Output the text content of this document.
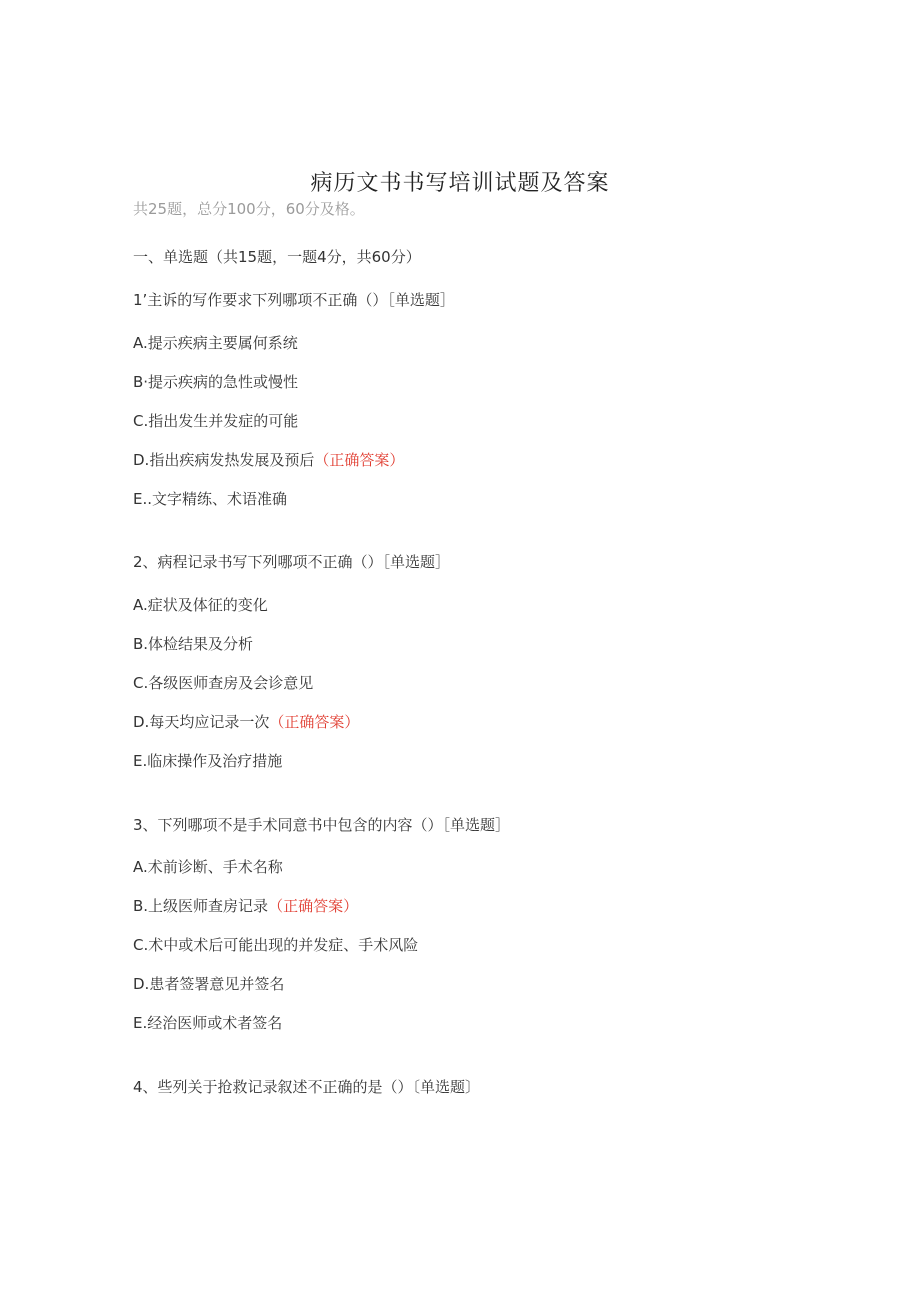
病历文书书写培训试题及答案
共25题，总分100分，60分及格。
一、单选题（共15题，一题4分，共60分）
1’主诉的写作要求下列哪项不正确（）［单选题］
A.提示疾病主要属何系统
B·提示疾病的急性或慢性
C.指出发生并发症的可能
D.指出疾病发热发展及预后（正确答案）
E..文字精练、术语准确
2、病程记录书写下列哪项不正确（）［单选题］
A.症状及体征的变化
B.体检结果及分析
C.各级医师查房及会诊意见
D.每天均应记录一次（正确答案）
E.临床操作及治疗措施
3、下列哪项不是手术同意书中包含的内容（）［单选题］
A.术前诊断、手术名称
B.上级医师查房记录（正确答案）
C.术中或术后可能出现的并发症、手术风险
D.患者签署意见并签名
E.经治医师或术者签名
4、些列关于抢救记录叙述不正确的是（）〔单选题〕
